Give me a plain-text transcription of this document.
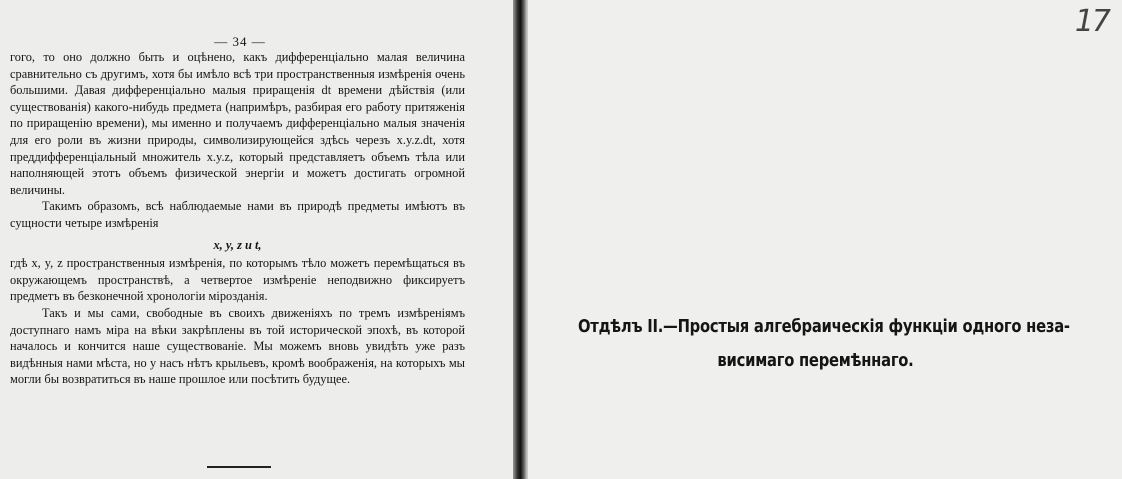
— 34 —

гого, то оно должно быть и оцѣнено, какъ дифференціально малая величина сравнительно съ другимъ, хотя бы имѣло всѣ три пространственныя измѣренія очень большими. Давая дифференціально малыя приращенія dt времени дѣйствія (или существованія) какого-нибудь предмета (напримѣръ, разбирая его работу притяженія по приращенію времени), мы именно и получаемъ дифференціально малыя значенія для его роли въ жизни природы, символизирующейся здѣсь черезъ x.y.z.dt, хотя преддифференціальный множитель x.y.z, который представляетъ объемъ тѣла или наполняющей этотъ объемъ физической энергіи и можетъ достигать огромной величины.

Такимъ образомъ, всѣ наблюдаемые нами въ природѣ предметы имѣютъ въ сущности четыре измѣренія

x, y, z и t,

гдѣ x, y, z пространственныя измѣренія, по которымъ тѣло можетъ перемѣщаться въ окружающемъ пространствѣ, а четвертое измѣреніе неподвижно фиксируетъ предметъ въ безконечной хронологіи мірозданія.

Такъ и мы сами, свободные въ своихъ движеніяхъ по тремъ измѣреніямъ доступнаго намъ міра на вѣки закрѣплены въ той исторической эпохѣ, въ которой началось и кончится наше существованіе. Мы можемъ вновь увидѣть уже разъ видѣнныя нами мѣста, но у насъ нѣтъ крыльевъ, кромѣ воображенія, на которыхъ мы могли бы возвратиться въ наше прошлое или посѣтить будущее.

17
Отдѣлъ II.—Простыя алгебраическія функціи одного неза-
висимаго перемѣннаго.
